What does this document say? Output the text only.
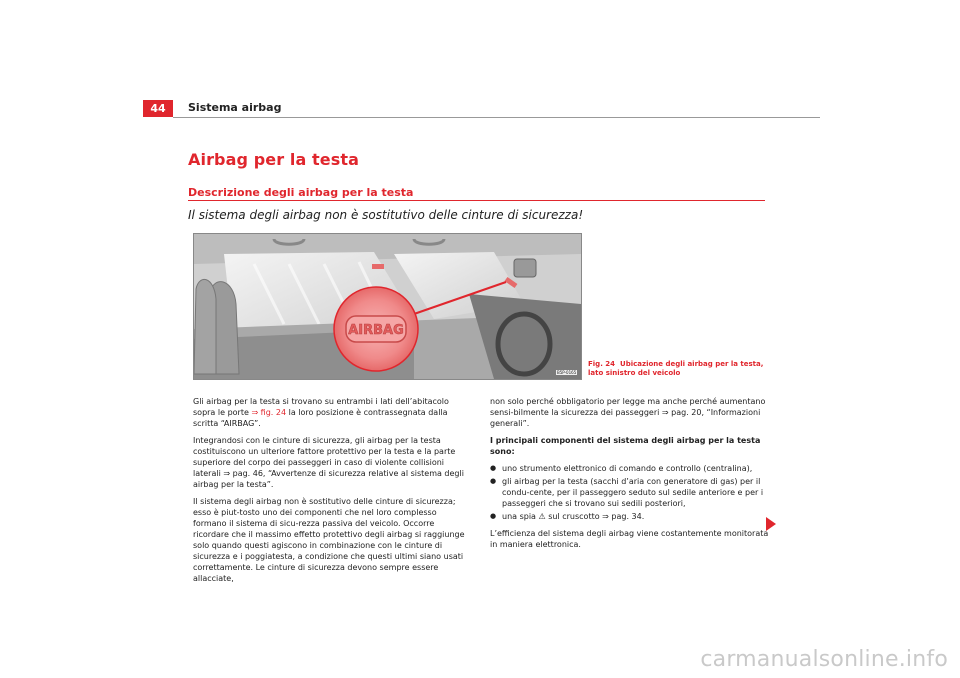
44	Sistema airbag
Airbag per la testa
Descrizione degli airbag per la testa
Il sistema degli airbag non è sostitutivo delle cinture di sicurezza!
AIRBAG
B5P-0165
Fig. 24 Ubicazione degli airbag per la testa, lato sinistro del veicolo

Gli airbag per la testa si trovano su entrambi i lati dell’abitacolo sopra le porte ⇒ fig. 24 la loro posizione è contrassegnata dalla scritta “AIRBAG”.

Integrandosi con le cinture di sicurezza, gli airbag per la testa costituiscono un ulteriore fattore protettivo per la testa e la parte superiore del corpo dei passeggeri in caso di violente collisioni laterali ⇒ pag. 46, “Avvertenze di sicurezza relative al sistema degli airbag per la testa”.

Il sistema degli airbag non è sostitutivo delle cinture di sicurezza; esso è piut-tosto uno dei componenti che nel loro complesso formano il sistema di sicu-rezza passiva del veicolo. Occorre ricordare che il massimo effetto protettivo degli airbag si raggiunge solo quando questi agiscono in combinazione con le cinture di sicurezza e i poggiatesta, a condizione che questi ultimi siano usati correttamente. Le cinture di sicurezza devono sempre essere allacciate,

non solo perché obbligatorio per legge ma anche perché aumentano sensi-bilmente la sicurezza dei passeggeri ⇒ pag. 20, “Informazioni generali”.

I principali componenti del sistema degli airbag per la testa sono:

● uno strumento elettronico di comando e controllo (centralina),
● gli airbag per la testa (sacchi d’aria con generatore di gas) per il condu-cente, per il passeggero seduto sul sedile anteriore e per i passeggeri che si trovano sui sedili posteriori,
● una spia ⚠ sul cruscotto ⇒ pag. 34.

L’efficienza del sistema degli airbag viene costantemente monitorata in maniera elettronica.

carmanualsonline.info
